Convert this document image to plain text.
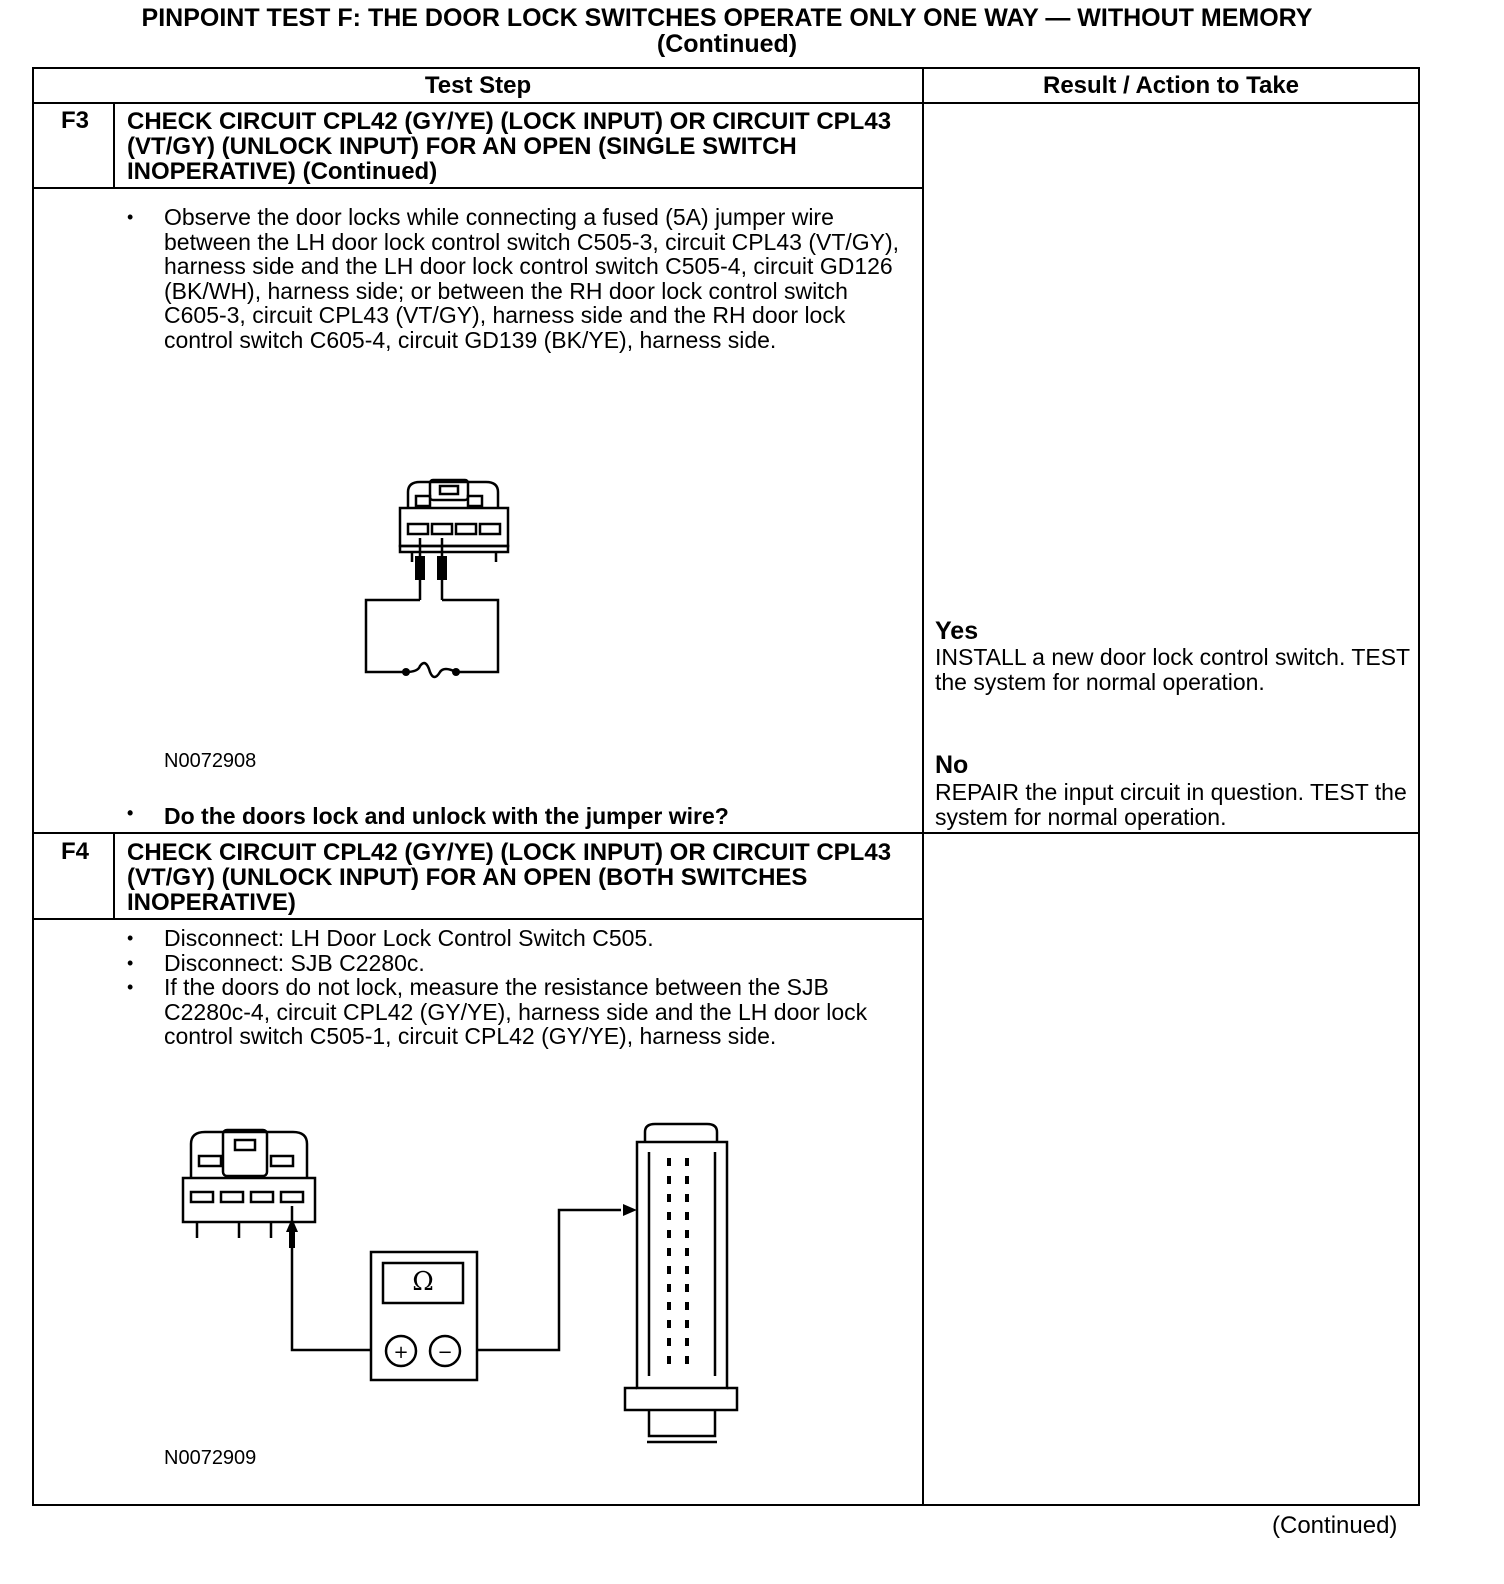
PINPOINT TEST F: THE DOOR LOCK SWITCHES OPERATE ONLY ONE WAY — WITHOUT MEMORY
(Continued)
Test Step	Result / Action to Take
F3	CHECK CIRCUIT CPL42 (GY/YE) (LOCK INPUT) OR CIRCUIT CPL43 (VT/GY) (UNLOCK INPUT) FOR AN OPEN (SINGLE SWITCH INOPERATIVE) (Continued)
• Observe the door locks while connecting a fused (5A) jumper wire between the LH door lock control switch C505-3, circuit CPL43 (VT/GY), harness side and the LH door lock control switch C505-4, circuit GD126 (BK/WH), harness side; or between the RH door lock control switch C605-3, circuit CPL43 (VT/GY), harness side and the RH door lock control switch C605-4, circuit GD139 (BK/YE), harness side.
N0072908
• Do the doors lock and unlock with the jumper wire?
Yes
INSTALL a new door lock control switch. TEST the system for normal operation.
No
REPAIR the input circuit in question. TEST the system for normal operation.
F4	CHECK CIRCUIT CPL42 (GY/YE) (LOCK INPUT) OR CIRCUIT CPL43 (VT/GY) (UNLOCK INPUT) FOR AN OPEN (BOTH SWITCHES INOPERATIVE)
• Disconnect: LH Door Lock Control Switch C505.
• Disconnect: SJB C2280c.
• If the doors do not lock, measure the resistance between the SJB C2280c-4, circuit CPL42 (GY/YE), harness side and the LH door lock control switch C505-1, circuit CPL42 (GY/YE), harness side.
Ω
+ −
N0072909
(Continued)
